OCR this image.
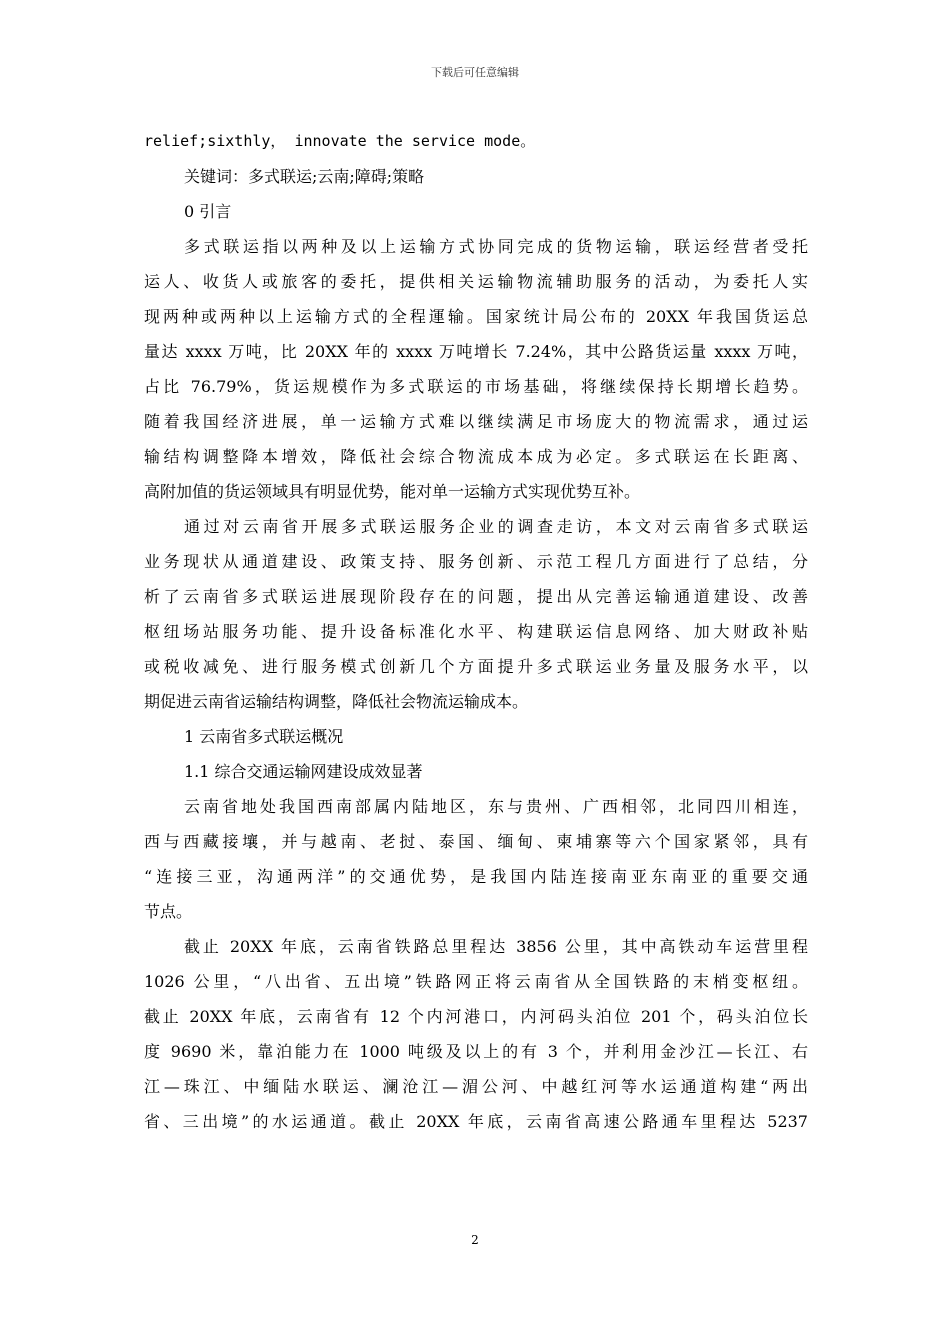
下载后可任意编辑
relief;sixthly， innovate the service mode。
关键词：多式联运;云南;障碍;策略
0 引言
多式联运指以两种及以上运输方式协同完成的货物运输，联运经营者受托
运人、收货人或旅客的委托，提供相关运输物流辅助服务的活动，为委托人实
现两种或两种以上运输方式的全程運输。国家统计局公布的 20XX 年我国货运总
量达 xxxx 万吨，比 20XX 年的 xxxx 万吨增长 7.24%，其中公路货运量 xxxx 万吨，
占比 76.79%，货运规模作为多式联运的市场基础，将继续保持长期增长趋势。
随着我国经济进展，单一运输方式难以继续满足市场庞大的物流需求，通过运
输结构调整降本增效，降低社会综合物流成本成为必定。多式联运在长距离、
高附加值的货运领域具有明显优势，能对单一运输方式实现优势互补。
通过对云南省开展多式联运服务企业的调查走访，本文对云南省多式联运
业务现状从通道建设、政策支持、服务创新、示范工程几方面进行了总结，分
析了云南省多式联运进展现阶段存在的问题，提出从完善运输通道建设、改善
枢纽场站服务功能、提升设备标准化水平、构建联运信息网络、加大财政补贴
或税收减免、进行服务模式创新几个方面提升多式联运业务量及服务水平，以
期促进云南省运输结构调整，降低社会物流运输成本。
1 云南省多式联运概况
1.1 综合交通运输网建设成效显著
云南省地处我国西南部属内陆地区，东与贵州、广西相邻，北同四川相连，
西与西藏接壤，并与越南、老挝、泰国、缅甸、柬埔寨等六个国家紧邻，具有
“连接三亚，沟通两洋”的交通优势，是我国内陆连接南亚东南亚的重要交通
节点。
截止 20XX 年底，云南省铁路总里程达 3856 公里，其中高铁动车运营里程
1026 公里，“八出省、五出境”铁路网正将云南省从全国铁路的末梢变枢纽。
截止 20XX 年底，云南省有 12 个内河港口，内河码头泊位 201 个，码头泊位长
度 9690 米，靠泊能力在 1000 吨级及以上的有 3 个，并利用金沙江—长江、右
江—珠江、中缅陆水联运、澜沧江—湄公河、中越红河等水运通道构建“两出
省、三出境”的水运通道。截止 20XX 年底，云南省高速公路通车里程达 5237
2
